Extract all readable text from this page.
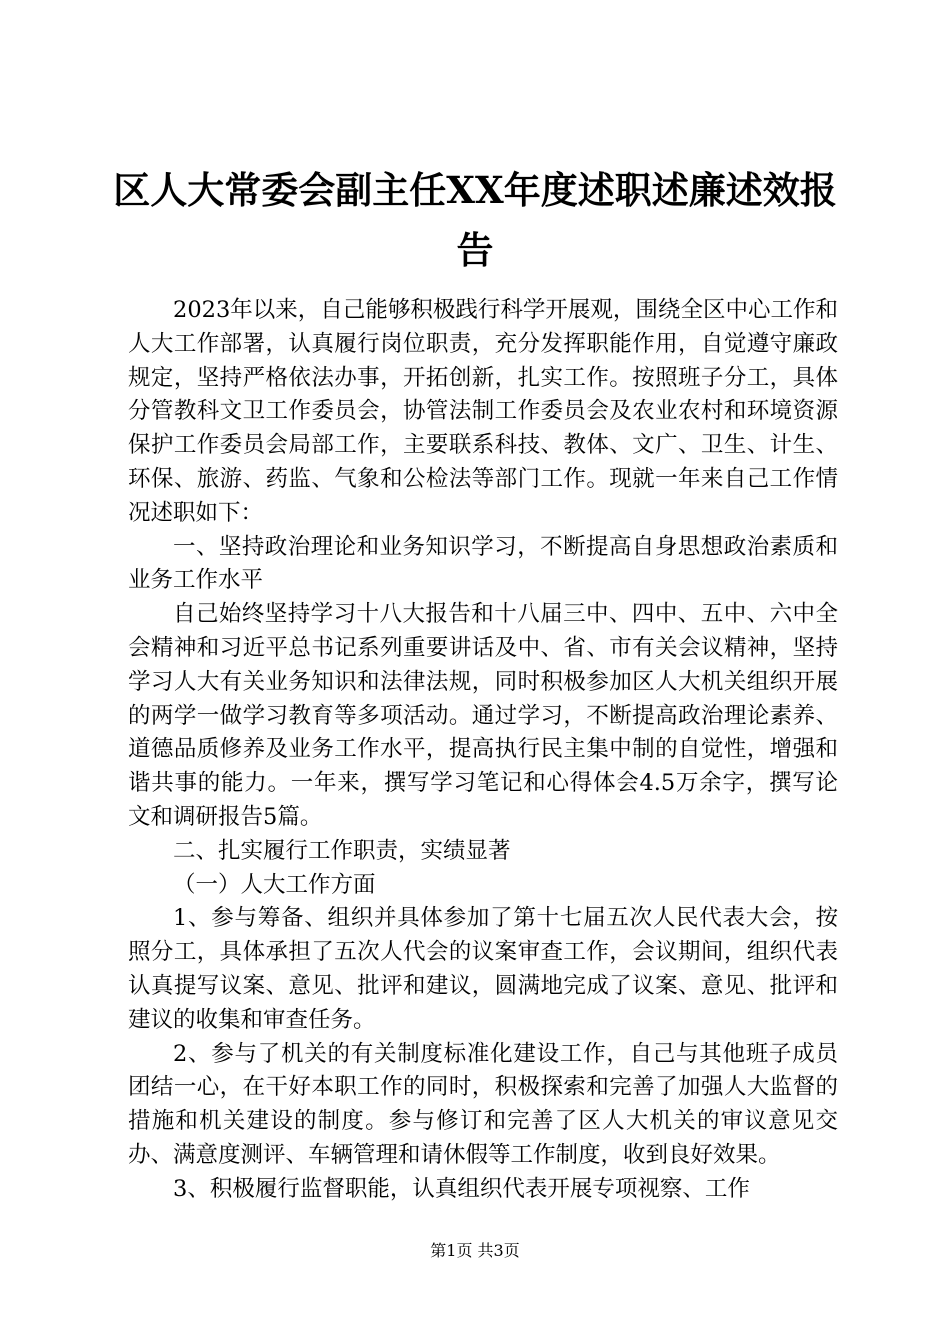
区人大常委会副主任XX年度述职述廉述效报告

2023年以来，自己能够积极践行科学开展观，围绕全区中心工作和人大工作部署，认真履行岗位职责，充分发挥职能作用，自觉遵守廉政规定，坚持严格依法办事，开拓创新，扎实工作。按照班子分工，具体分管教科文卫工作委员会，协管法制工作委员会及农业农村和环境资源保护工作委员会局部工作，主要联系科技、教体、文广、卫生、计生、环保、旅游、药监、气象和公检法等部门工作。现就一年来自己工作情况述职如下：

一、坚持政治理论和业务知识学习，不断提高自身思想政治素质和业务工作水平

自己始终坚持学习十八大报告和十八届三中、四中、五中、六中全会精神和习近平总书记系列重要讲话及中、省、市有关会议精神，坚持学习人大有关业务知识和法律法规，同时积极参加区人大机关组织开展的两学一做学习教育等多项活动。通过学习，不断提高政治理论素养、道德品质修养及业务工作水平，提高执行民主集中制的自觉性，增强和谐共事的能力。一年来，撰写学习笔记和心得体会4.5万余字，撰写论文和调研报告5篇。

二、扎实履行工作职责，实绩显著

（一）人大工作方面

1、参与筹备、组织并具体参加了第十七届五次人民代表大会，按照分工，具体承担了五次人代会的议案审查工作，会议期间，组织代表认真提写议案、意见、批评和建议，圆满地完成了议案、意见、批评和建议的收集和审查任务。

2、参与了机关的有关制度标准化建设工作，自己与其他班子成员团结一心，在干好本职工作的同时，积极探索和完善了加强人大监督的措施和机关建设的制度。参与修订和完善了区人大机关的审议意见交办、满意度测评、车辆管理和请休假等工作制度，收到良好效果。

3、积极履行监督职能，认真组织代表开展专项视察、工作

第1页 共3页
